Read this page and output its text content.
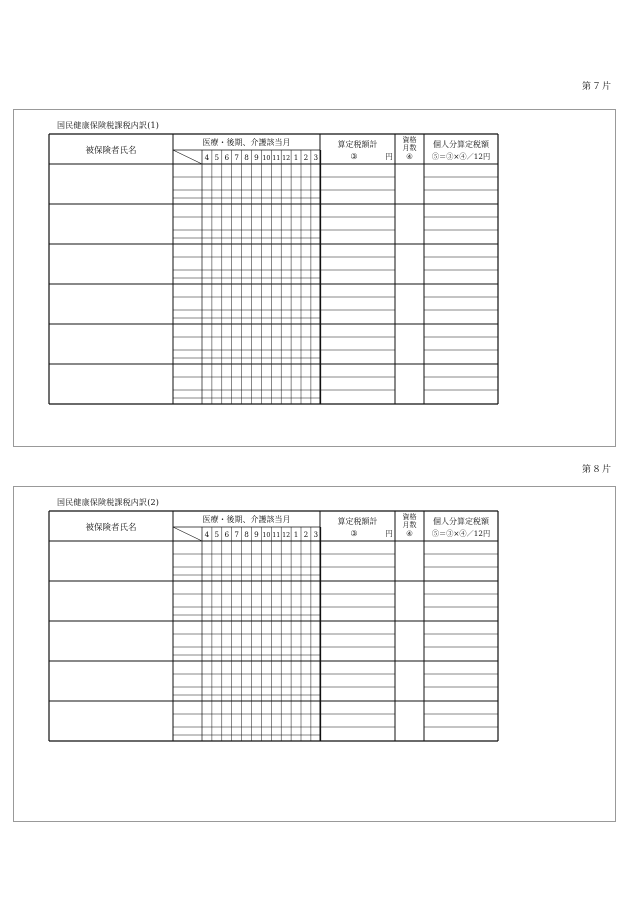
第７片
国民健康保険税課税内訳(1)
被保険者氏名
医療・後期、介護該当月
4 5 6 7 8 9 10 11 12 1 2 3
算定税額計
③	円
資格
月数
④
個人分算定税額
⑤＝③×④／12円
第８片
国民健康保険税課税内訳(2)
被保険者氏名
医療・後期、介護該当月
4 5 6 7 8 9 10 11 12 1 2 3
算定税額計
③	円
資格
月数
④
個人分算定税額
⑤＝③×④／12円
